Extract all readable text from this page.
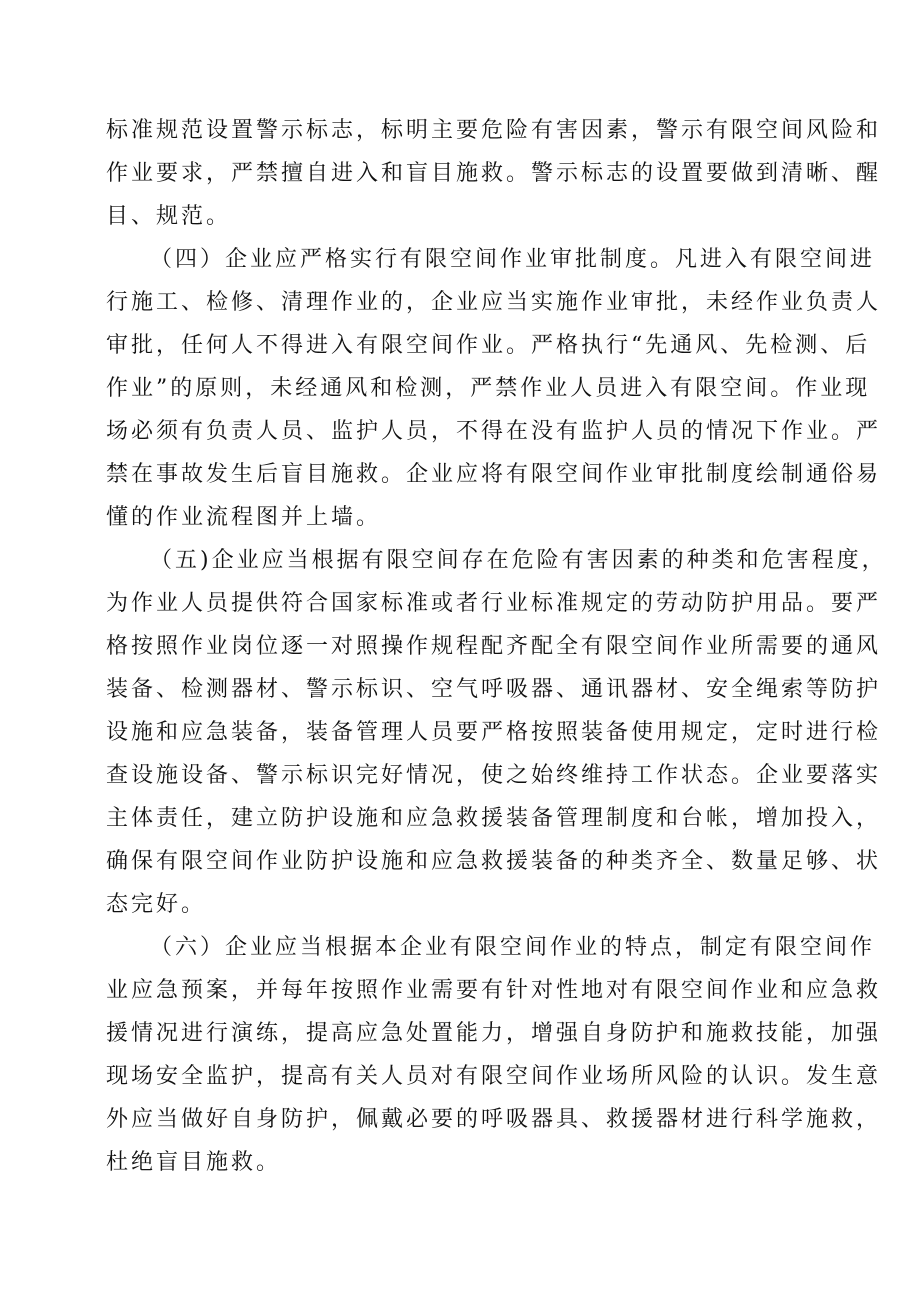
标准规范设置警示标志，标明主要危险有害因素，警示有限空间风险和
作业要求，严禁擅自进入和盲目施救。警示标志的设置要做到清晰、醒
目、规范。
（四）企业应严格实行有限空间作业审批制度。凡进入有限空间进
行施工、检修、清理作业的，企业应当实施作业审批，未经作业负责人
审批，任何人不得进入有限空间作业。严格执行“先通风、先检测、后
作业”的原则，未经通风和检测，严禁作业人员进入有限空间。作业现
场必须有负责人员、监护人员，不得在没有监护人员的情况下作业。严
禁在事故发生后盲目施救。企业应将有限空间作业审批制度绘制通俗易
懂的作业流程图并上墙。
（五)企业应当根据有限空间存在危险有害因素的种类和危害程度，
为作业人员提供符合国家标准或者行业标准规定的劳动防护用品。要严
格按照作业岗位逐一对照操作规程配齐配全有限空间作业所需要的通风
装备、检测器材、警示标识、空气呼吸器、通讯器材、安全绳索等防护
设施和应急装备，装备管理人员要严格按照装备使用规定，定时进行检
查设施设备、警示标识完好情况，使之始终维持工作状态。企业要落实
主体责任，建立防护设施和应急救援装备管理制度和台帐，增加投入，
确保有限空间作业防护设施和应急救援装备的种类齐全、数量足够、状
态完好。
（六）企业应当根据本企业有限空间作业的特点，制定有限空间作
业应急预案，并每年按照作业需要有针对性地对有限空间作业和应急救
援情况进行演练，提高应急处置能力，增强自身防护和施救技能，加强
现场安全监护，提高有关人员对有限空间作业场所风险的认识。发生意
外应当做好自身防护，佩戴必要的呼吸器具、救援器材进行科学施救，
杜绝盲目施救。
